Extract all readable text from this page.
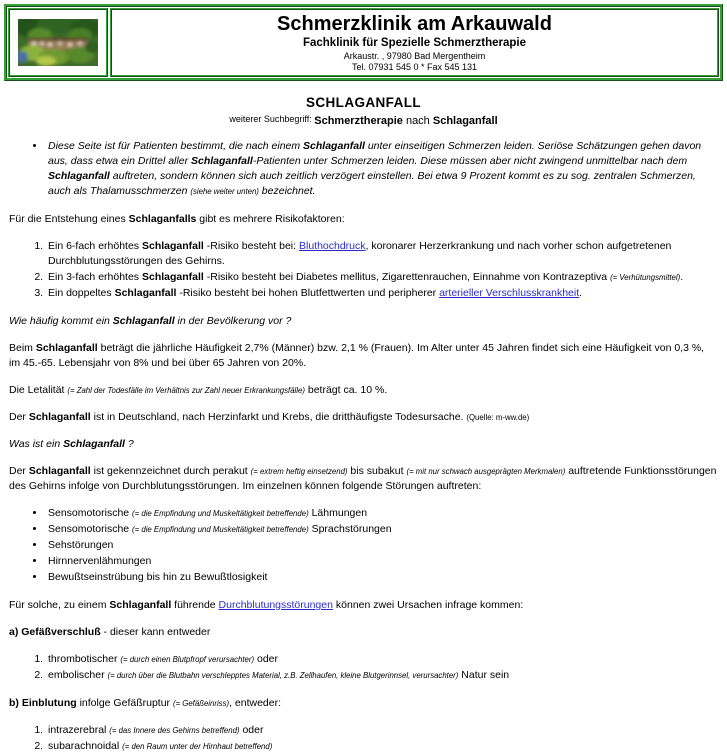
Schmerzklinik am Arkauwald
Fachklinik für Spezielle Schmerztherapie
Arkaustr. , 97980 Bad Mergentheim
Tel. 07931 545 0 * Fax 545 131
SCHLAGANFALL
weiterer Suchbegriff: Schmerztherapie nach Schlaganfall
• Diese Seite ist für Patienten bestimmt, die nach einem Schlaganfall unter einseitigen Schmerzen leiden. Seriöse Schätzungen gehen davon aus, dass etwa ein Drittel aller Schlaganfall-Patienten unter Schmerzen leiden. Diese müssen aber nicht zwingend unmittelbar nach dem Schlaganfall auftreten, sondern können sich auch zeitlich verzögert einstellen. Bei etwa 9 Prozent kommt es zu sog. zentralen Schmerzen, auch als Thalamusschmerzen (siehe weiter unten) bezeichnet.

Für die Entstehung eines Schlaganfalls gibt es mehrere Risikofaktoren:

1. Ein 6-fach erhöhtes Schlaganfall -Risiko besteht bei: Bluthochdruck, koronarer Herzerkrankung und nach vorher schon aufgetretenen Durchblutungsstörungen des Gehirns.
2. Ein 3-fach erhöhtes Schlaganfall -Risiko besteht bei Diabetes mellitus, Zigarettenrauchen, Einnahme von Kontrazeptiva (= Verhütungsmittel).
3. Ein doppeltes Schlaganfall -Risiko besteht bei hohen Blutfettwerten und peripherer arterieller Verschlusskrankheit.

Wie häufig kommt ein Schlaganfall in der Bevölkerung vor ?

Beim Schlaganfall beträgt die jährliche Häufigkeit 2,7% (Männer) bzw. 2,1 % (Frauen). Im Alter unter 45 Jahren findet sich eine Häufigkeit von 0,3 %, im 45.-65. Lebensjahr von 8% und bei über 65 Jahren von 20%.

Die Letalität (= Zahl der Todesfälle im Verhältnis zur Zahl neuer Erkrankungsfälle) beträgt ca. 10 %.

Der Schlaganfall ist in Deutschland, nach Herzinfarkt und Krebs, die dritthäufigste Todesursache. (Quelle: m-ww.de)

Was ist ein Schlaganfall ?

Der Schlaganfall ist gekennzeichnet durch perakut (= extrem heftig einsetzend) bis subakut (= mit nur schwach ausgeprägten Merkmalen) auftretende Funktionsstörungen des Gehirns infolge von Durchblutungsstörungen. Im einzelnen können folgende Störungen auftreten:

• Sensomotorische (= die Empfindung und Muskeltätigkeit betreffende) Lähmungen
• Sensomotorische (= die Empfindung und Muskeltätigkeit betreffende) Sprachstörungen
• Sehstörungen
• Hirnnervenlähmungen
• Bewußtseinstrübung bis hin zu Bewußtlosigkeit

Für solche, zu einem Schlaganfall führende Durchblutungsstörungen können zwei Ursachen infrage kommen:

a) Gefäßverschluß - dieser kann entweder

1. thrombotischer (= durch einen Blutpfropf verursachter) oder
2. embolischer (= durch über die Blutbahn verschlepptes Material, z.B. Zellhaufen, kleine Blutgerinnsel, verursachter) Natur sein

b) Einblutung infolge Gefäßruptur (= Gefäßeinriss), entweder:

1. intrazerebral (= das Innere des Gehirns betreffend) oder
2. subarachnoidal (= den Raum unter der Hirnhaut betreffend)
